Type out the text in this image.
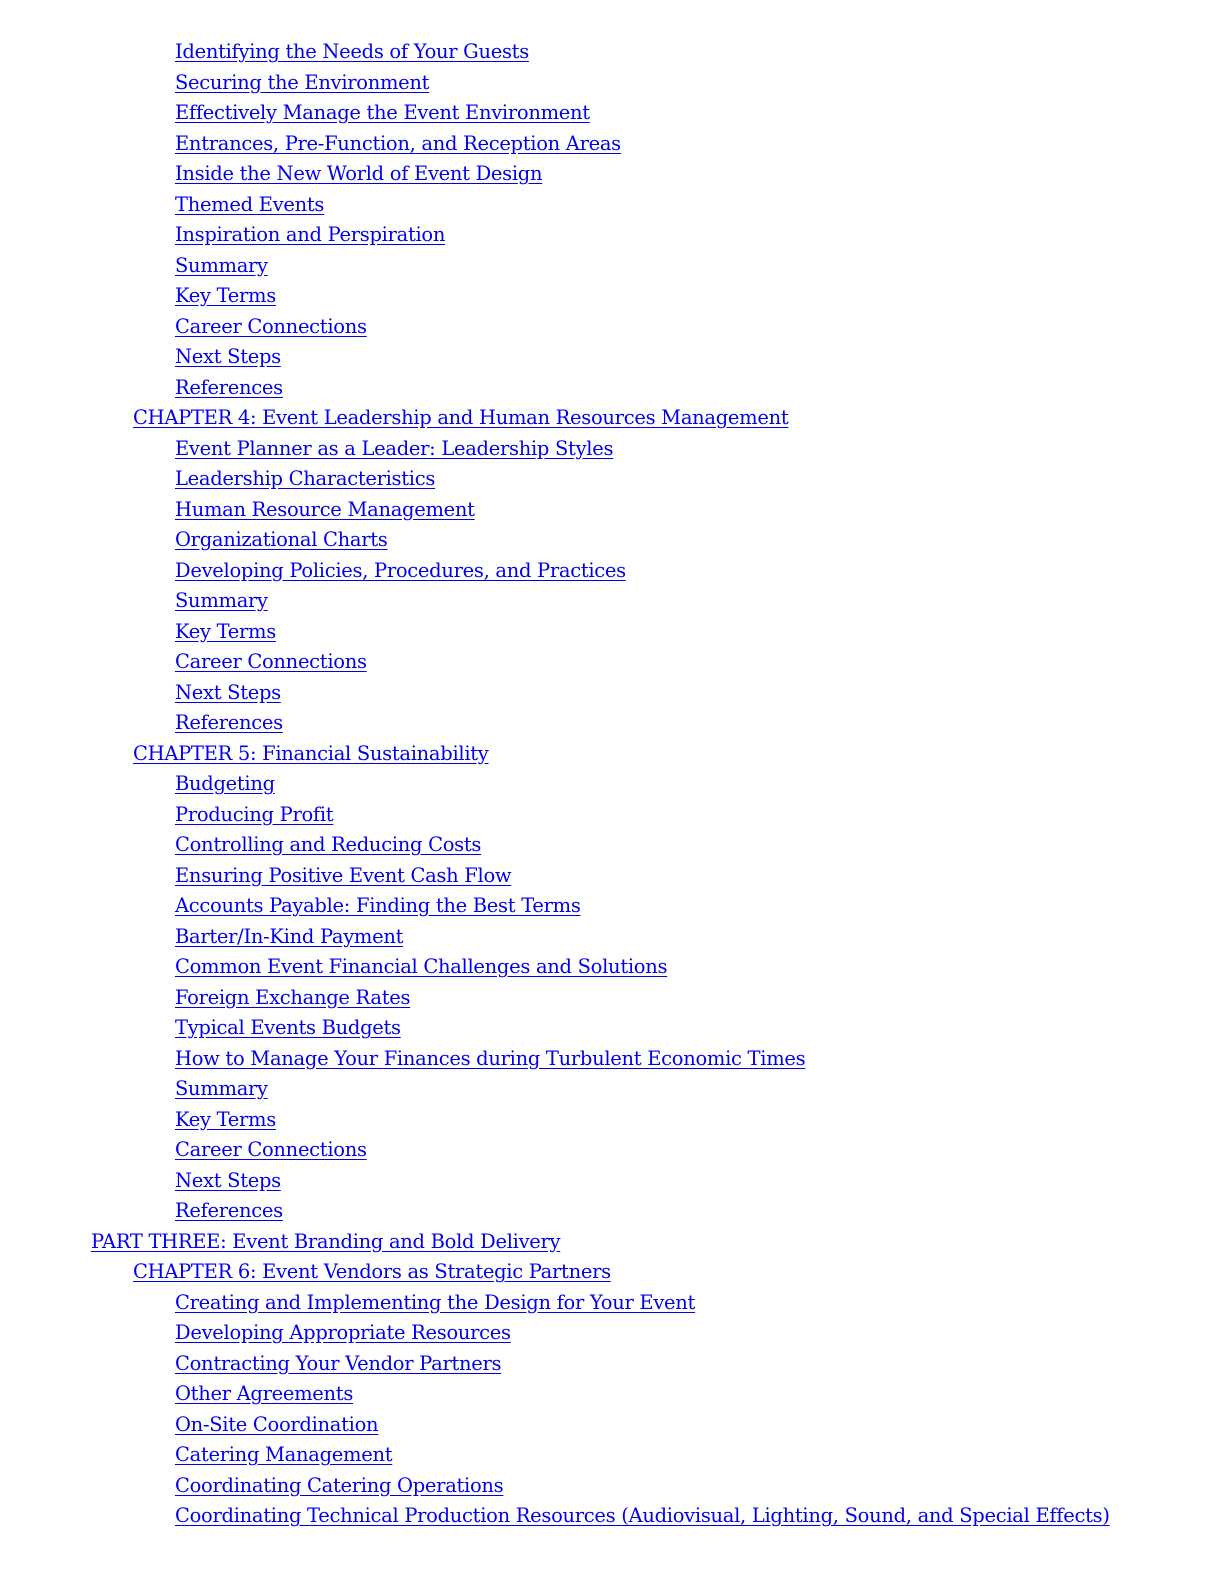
Identifying the Needs of Your Guests
Securing the Environment
Effectively Manage the Event Environment
Entrances, Pre-Function, and Reception Areas
Inside the New World of Event Design
Themed Events
Inspiration and Perspiration
Summary
Key Terms
Career Connections
Next Steps
References
CHAPTER 4: Event Leadership and Human Resources Management
Event Planner as a Leader: Leadership Styles
Leadership Characteristics
Human Resource Management
Organizational Charts
Developing Policies, Procedures, and Practices
Summary
Key Terms
Career Connections
Next Steps
References
CHAPTER 5: Financial Sustainability
Budgeting
Producing Profit
Controlling and Reducing Costs
Ensuring Positive Event Cash Flow
Accounts Payable: Finding the Best Terms
Barter/In-Kind Payment
Common Event Financial Challenges and Solutions
Foreign Exchange Rates
Typical Events Budgets
How to Manage Your Finances during Turbulent Economic Times
Summary
Key Terms
Career Connections
Next Steps
References
PART THREE: Event Branding and Bold Delivery
CHAPTER 6: Event Vendors as Strategic Partners
Creating and Implementing the Design for Your Event
Developing Appropriate Resources
Contracting Your Vendor Partners
Other Agreements
On-Site Coordination
Catering Management
Coordinating Catering Operations
Coordinating Technical Production Resources (Audiovisual, Lighting, Sound, and Special Effects)
